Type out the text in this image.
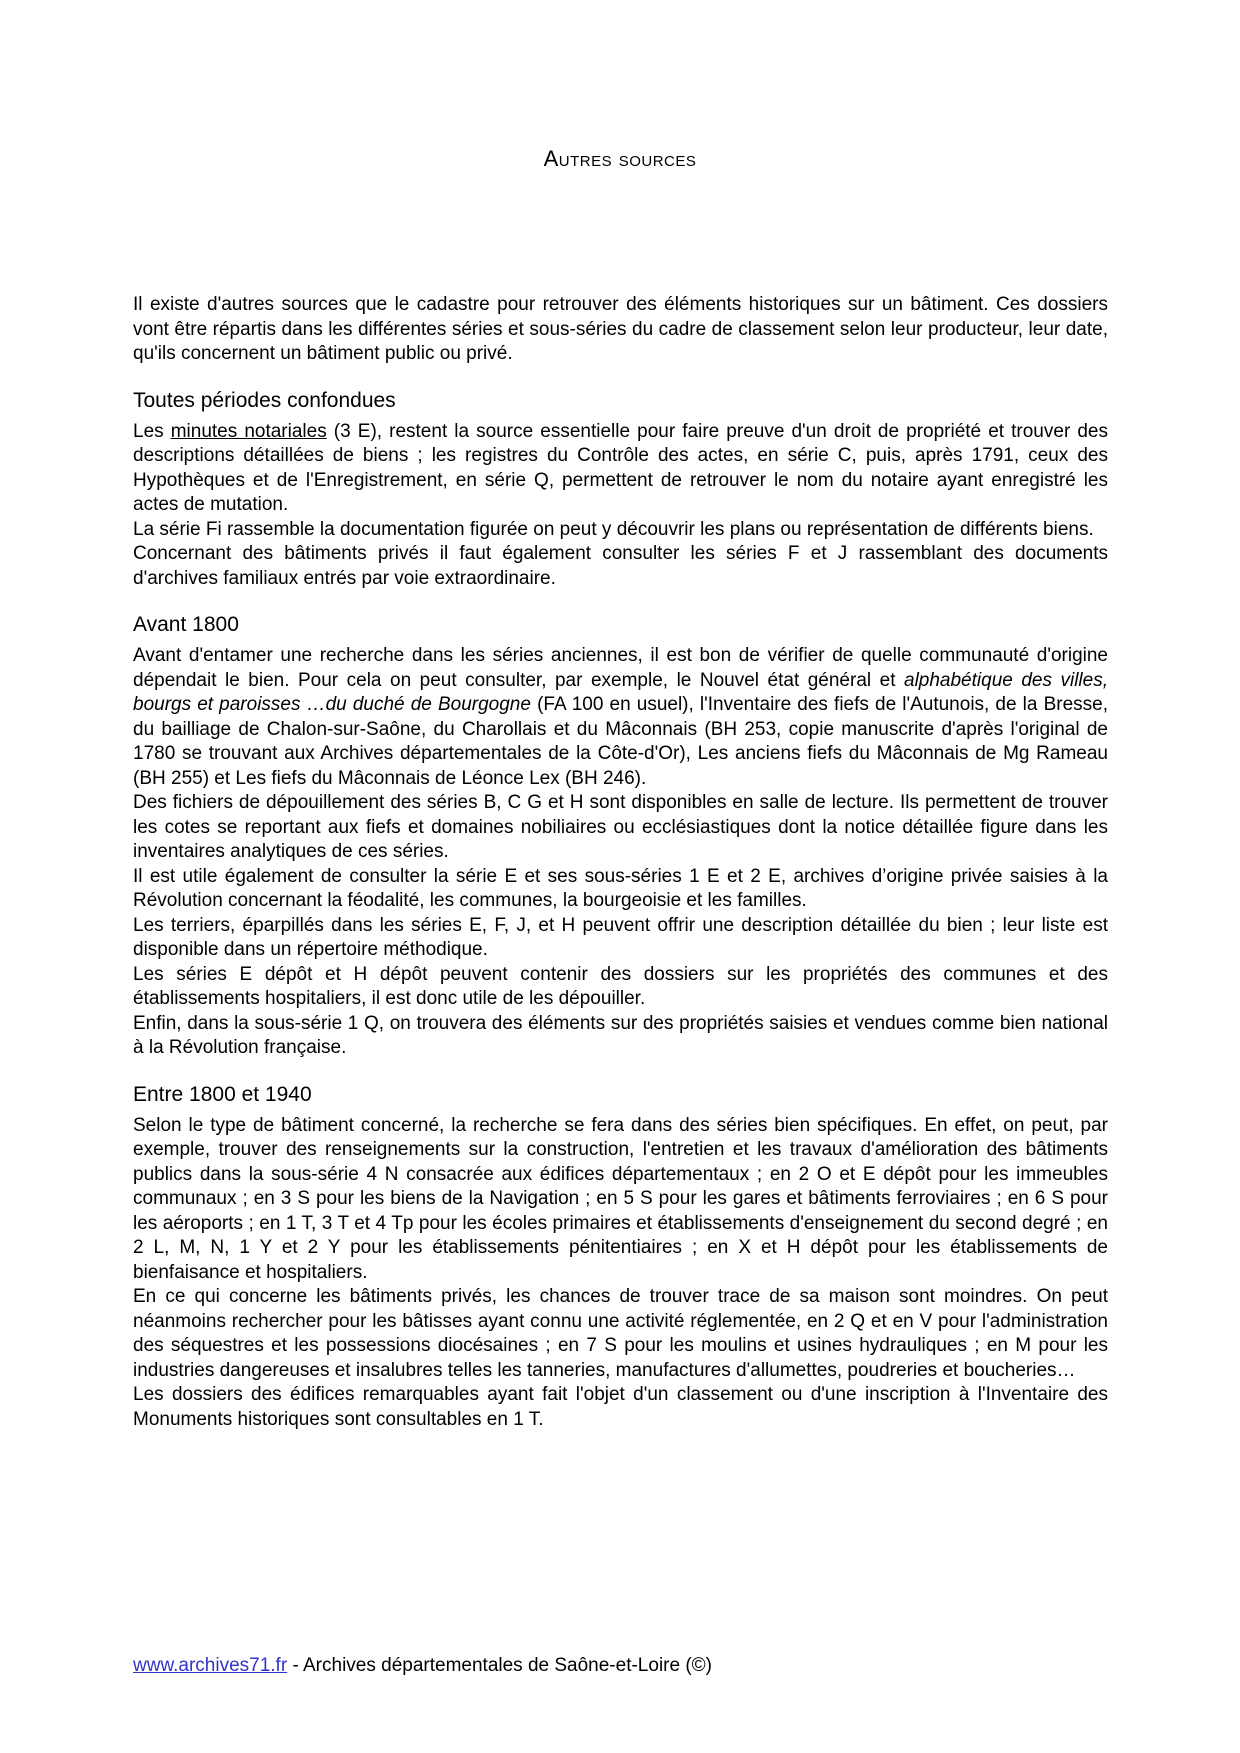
Autres sources

Il existe d'autres sources que le cadastre pour retrouver des éléments historiques sur un bâtiment. Ces dossiers vont être répartis dans les différentes séries et sous-séries du cadre de classement selon leur producteur, leur date, qu'ils concernent un bâtiment public ou privé.

Toutes périodes confondues

Les minutes notariales (3 E), restent la source essentielle pour faire preuve d'un droit de propriété et trouver des descriptions détaillées de biens ; les registres du Contrôle des actes, en série C, puis, après 1791, ceux des Hypothèques et de l'Enregistrement, en série Q, permettent de retrouver le nom du notaire ayant enregistré les actes de mutation.

La série Fi rassemble la documentation figurée on peut y découvrir les plans ou représentation de différents biens.

Concernant des bâtiments privés il faut également consulter les séries F et J rassemblant des documents d'archives familiaux entrés par voie extraordinaire.

Avant 1800

Avant d'entamer une recherche dans les séries anciennes, il est bon de vérifier de quelle communauté d'origine dépendait le bien. Pour cela on peut consulter, par exemple, le Nouvel état général et alphabétique des villes, bourgs et paroisses …du duché de Bourgogne (FA 100 en usuel), l'Inventaire des fiefs de l'Autunois, de la Bresse, du bailliage de Chalon-sur-Saône, du Charollais et du Mâconnais (BH 253, copie manuscrite d'après l'original de 1780 se trouvant aux Archives départementales de la Côte-d'Or), Les anciens fiefs du Mâconnais de Mg Rameau (BH 255) et Les fiefs du Mâconnais de Léonce Lex (BH 246).

Des fichiers de dépouillement des séries B, C G et H sont disponibles en salle de lecture. Ils permettent de trouver les cotes se reportant aux fiefs et domaines nobiliaires ou ecclésiastiques dont la notice détaillée figure dans les inventaires analytiques de ces séries.

Il est utile également de consulter la série E et ses sous-séries 1 E et 2 E, archives d’origine privée saisies à la Révolution concernant la féodalité, les communes, la bourgeoisie et les familles.

Les terriers, éparpillés dans les séries E, F, J, et H peuvent offrir une description détaillée du bien ; leur liste est disponible dans un répertoire méthodique.

Les séries E dépôt et H dépôt peuvent contenir des dossiers sur les propriétés des communes et des établissements hospitaliers, il est donc utile de les dépouiller.

Enfin, dans la sous-série 1 Q, on trouvera des éléments sur des propriétés saisies et vendues comme bien national à la Révolution française.

Entre 1800 et 1940

Selon le type de bâtiment concerné, la recherche se fera dans des séries bien spécifiques. En effet, on peut, par exemple, trouver des renseignements sur la construction, l'entretien et les travaux d'amélioration des bâtiments publics dans la sous-série 4 N consacrée aux édifices départementaux ; en 2 O et E dépôt pour les immeubles communaux ; en 3 S pour les biens de la Navigation ; en 5 S pour les gares et bâtiments ferroviaires ; en 6 S pour les aéroports ; en 1 T, 3 T et 4 Tp pour les écoles primaires et établissements d'enseignement du second degré ; en 2 L, M, N, 1 Y et 2 Y pour les établissements pénitentiaires ; en X et H dépôt pour les établissements de bienfaisance et hospitaliers.

En ce qui concerne les bâtiments privés, les chances de trouver trace de sa maison sont moindres. On peut néanmoins rechercher pour les bâtisses ayant connu une activité réglementée, en 2 Q et en V pour l'administration des séquestres et les possessions diocésaines ; en 7 S pour les moulins et usines hydrauliques ; en M pour les industries dangereuses et insalubres telles les tanneries, manufactures d'allumettes, poudreries et boucheries…

Les dossiers des édifices remarquables ayant fait l'objet d'un classement ou d'une inscription à l'Inventaire des Monuments historiques sont consultables en 1 T.

www.archives71.fr - Archives départementales de Saône-et-Loire (©)
